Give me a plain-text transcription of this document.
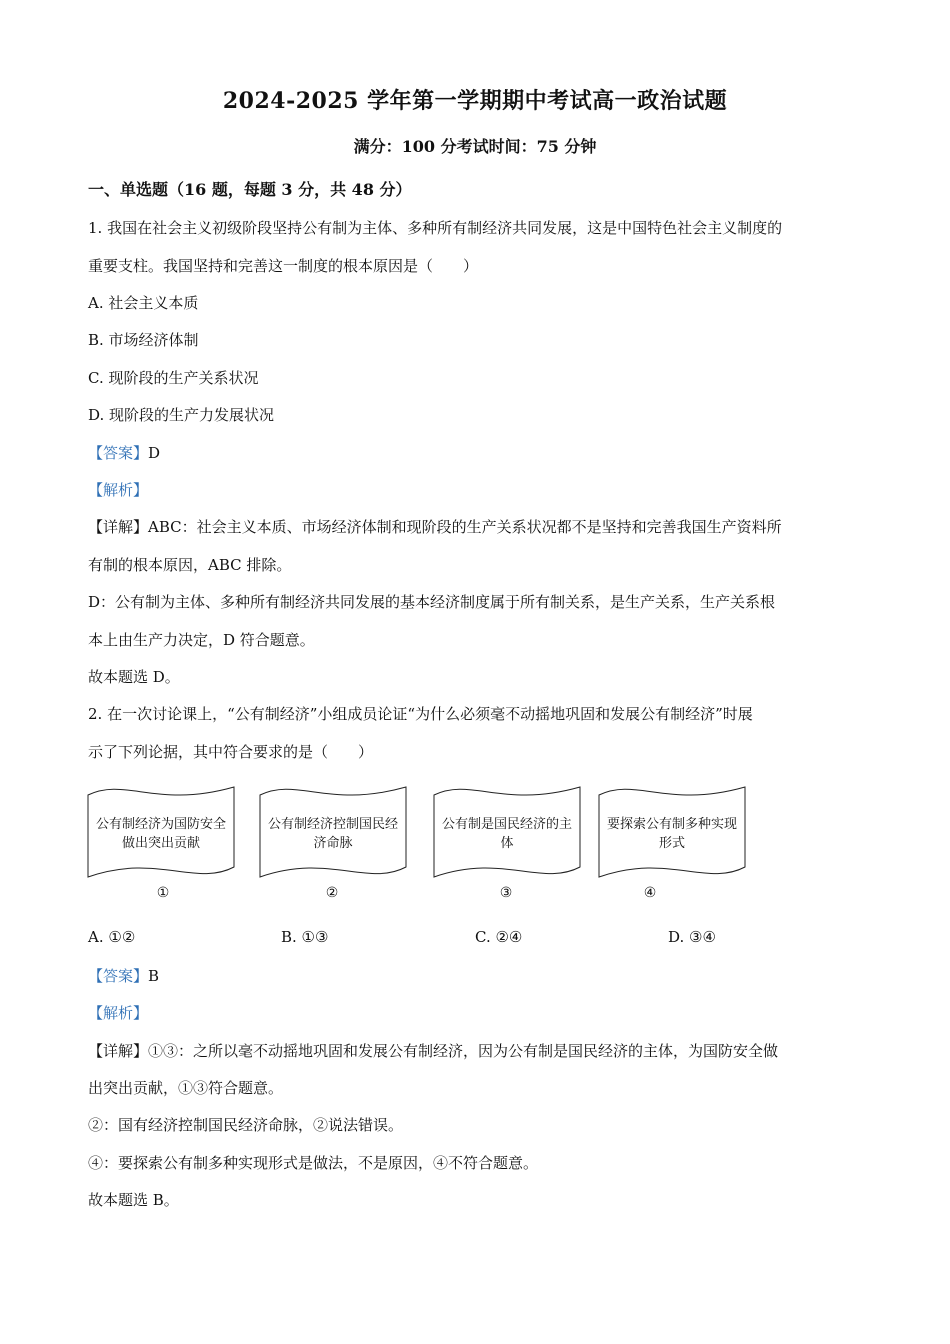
2024-2025 学年第一学期期中考试高一政治试题
满分：100 分考试时间：75 分钟
一、单选题（16 题，每题 3 分，共 48 分）
1. 我国在社会主义初级阶段坚持公有制为主体、多种所有制经济共同发展，这是中国特色社会主义制度的
重要支柱。我国坚持和完善这一制度的根本原因是（　　）
A. 社会主义本质
B. 市场经济体制
C. 现阶段的生产关系状况
D. 现阶段的生产力发展状况
【答案】D
【解析】
【详解】ABC：社会主义本质、市场经济体制和现阶段的生产关系状况都不是坚持和完善我国生产资料所
有制的根本原因，ABC 排除。
D：公有制为主体、多种所有制经济共同发展的基本经济制度属于所有制关系，是生产关系，生产关系根
本上由生产力决定，D 符合题意。
故本题选 D。
2. 在一次讨论课上，“公有制经济”小组成员论证“为什么必须毫不动摇地巩固和发展公有制经济”时展
示了下列论据，其中符合要求的是（　　）
公有制经济为国防安全做出突出贡献
公有制经济控制国民经济命脉
公有制是国民经济的主体
要探索公有制多种实现形式
①	②	③	④
A. ①②	B. ①③	C. ②④	D. ③④
【答案】B
【解析】
【详解】①③：之所以毫不动摇地巩固和发展公有制经济，因为公有制是国民经济的主体，为国防安全做
出突出贡献，①③符合题意。
②：国有经济控制国民经济命脉，②说法错误。
④：要探索公有制多种实现形式是做法，不是原因，④不符合题意。
故本题选 B。
